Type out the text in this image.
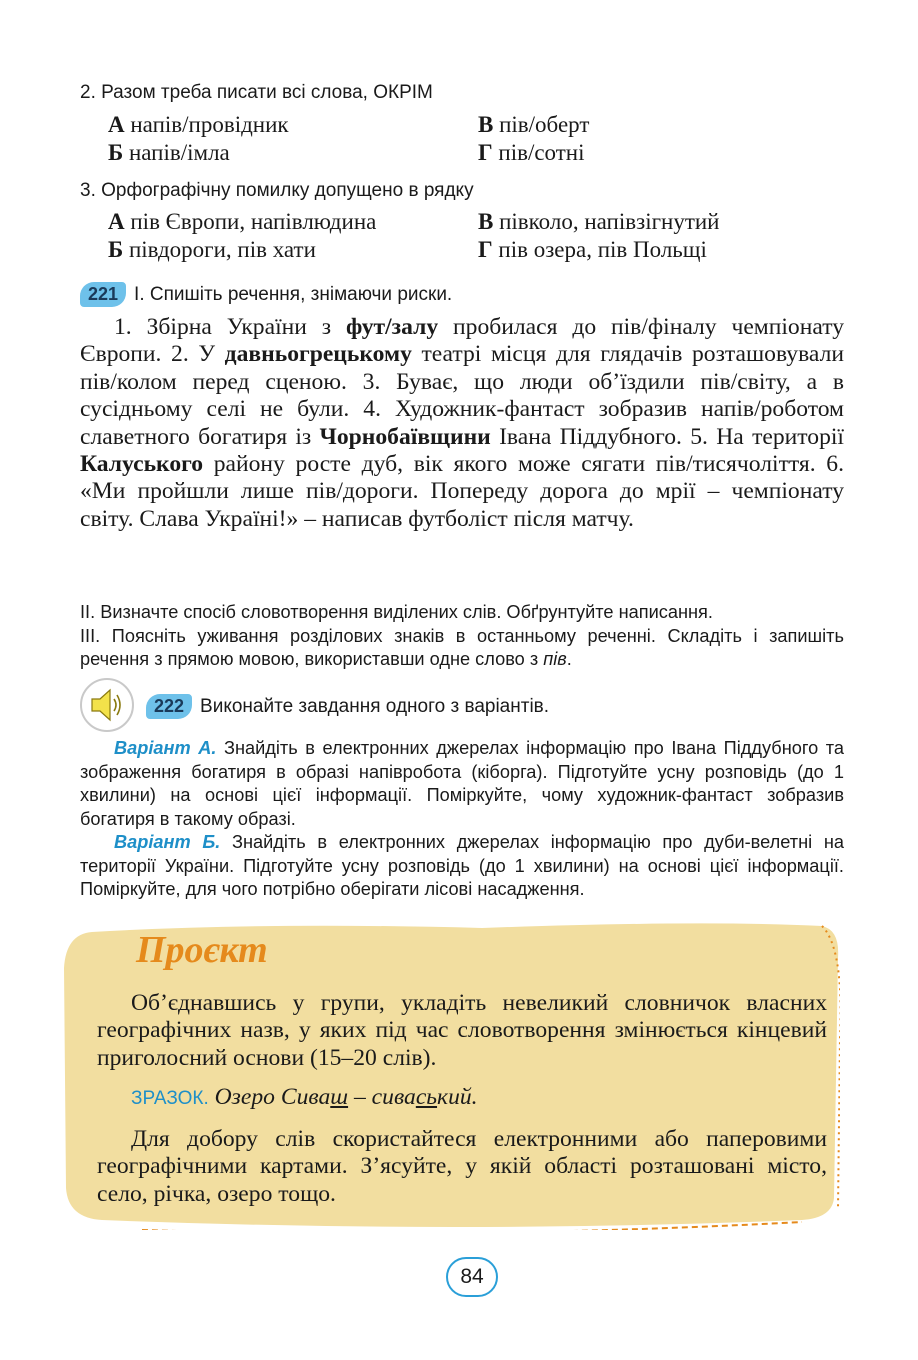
2. Разом треба писати всі слова, ОКРІМ
А напів/провідник	В пів/оберт
Б напів/імла	Г пів/сотні
3. Орфографічну помилку допущено в рядку
А пів Європи, напівлюдина	В півколо, напівзігнутий
Б півдороги, пів хати	Г пів озера, пів Польщі
221 І. Спишіть речення, знімаючи риски.
1. Збірна України з фут/залу пробилася до пів/фіналу чемпіонату Європи. 2. У давньогрецькому театрі місця для глядачів розташовували пів/колом перед сценою. 3. Буває, що люди об’їздили пів/світу, а в сусідньому селі не були. 4. Художник-фантаст зобразив напів/роботом славетного богатиря із Чорнобаївщини Івана Піддубного. 5. На території Калуського району росте дуб, вік якого може сягати пів/тисячоліття. 6. «Ми пройшли лише пів/дороги. Попереду дорога до мрії – чемпіонату світу. Слава Україні!» – написав футболіст після матчу.
ІІ. Визначте спосіб словотворення виділених слів. Обґрунтуйте написання.
ІІІ. Поясніть уживання розділових знаків в останньому реченні. Складіть і запишіть речення з прямою мовою, використавши одне слово з пів.
222 Виконайте завдання одного з варіантів.
Варіант А. Знайдіть в електронних джерелах інформацію про Івана Піддубного та зображення богатиря в образі напівробота (кіборга). Підготуйте усну розповідь (до 1 хвилини) на основі цієї інформації. Поміркуйте, чому художник-фантаст зобразив богатиря в такому образі.
Варіант Б. Знайдіть в електронних джерелах інформацію про дуби-велетні на території України. Підготуйте усну розповідь (до 1 хвилини) на основі цієї інформації. Поміркуйте, для чого потрібно оберігати лісові насадження.
Проєкт
Об’єднавшись у групи, укладіть невеликий словничок власних географічних назв, у яких під час словотворення змінюється кінцевий приголосний основи (15–20 слів).
ЗРАЗОК. Озеро Сиваш – сиваський.
Для добору слів скористайтеся електронними або паперовими географічними картами. З’ясуйте, у якій області розташовані місто, село, річка, озеро тощо.
84
